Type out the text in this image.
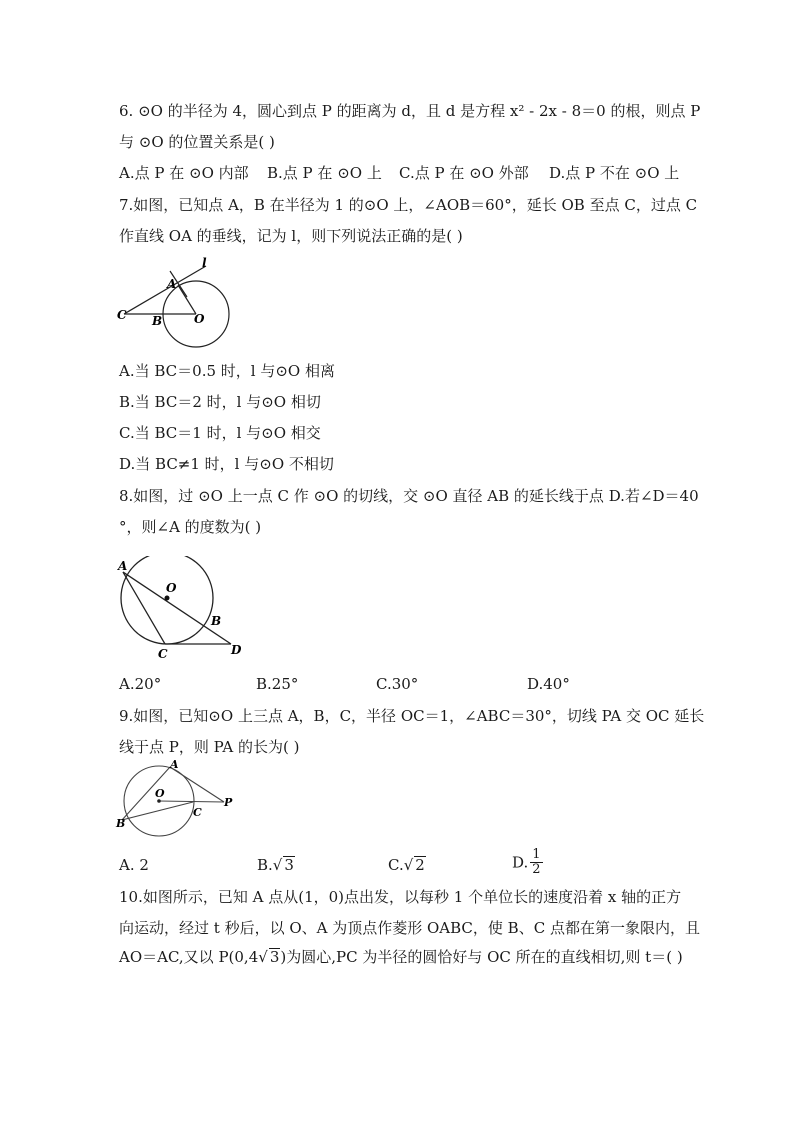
6. ⊙O 的半径为 4，圆心到点 P 的距离为 d，且 d 是方程 x² - 2x - 8＝0 的根，则点 P
与 ⊙O 的位置关系是( )
A.点 P 在 ⊙O 内部 B.点 P 在 ⊙O 上 C.点 P 在 ⊙O 外部 D.点 P 不在 ⊙O 上
7.如图，已知点 A，B 在半径为 1 的⊙O 上，∠AOB＝60°，延长 OB 至点 C，过点 C
作直线 OA 的垂线，记为 l，则下列说法正确的是( )
l
A
C B	O
A.当 BC＝0.5 时，l 与⊙O 相离
B.当 BC＝2 时，l 与⊙O 相切
C.当 BC＝1 时，l 与⊙O 相交
D.当 BC≠1 时，l 与⊙O 不相切
8.如图，过 ⊙O 上一点 C 作 ⊙O 的切线，交 ⊙O 直径 AB 的延长线于点 D.若∠D＝40
°，则∠A 的度数为( )
A
O
B
C	D
A.20°	B.25°	C.30°	D.40°
9.如图，已知⊙O 上三点 A，B，C，半径 OC＝1，∠ABC＝30°，切线 PA 交 OC 延长
线于点 P，则 PA 的长为( )
A
O
C
P
B
A. 2	B.√ 3	C.√ 2	D. $\frac{1}{2}$
10.如图所示，已知 A 点从(1，0)点出发，以每秒 1 个单位长的速度沿着 x 轴的正方
向运动，经过 t 秒后，以 O、A 为顶点作菱形 OABC，使 B、C 点都在第一象限内，且
AO＝AC,又以 P(0,4√ 3)为圆心,PC 为半径的圆恰好与 OC 所在的直线相切,则 t＝( )
